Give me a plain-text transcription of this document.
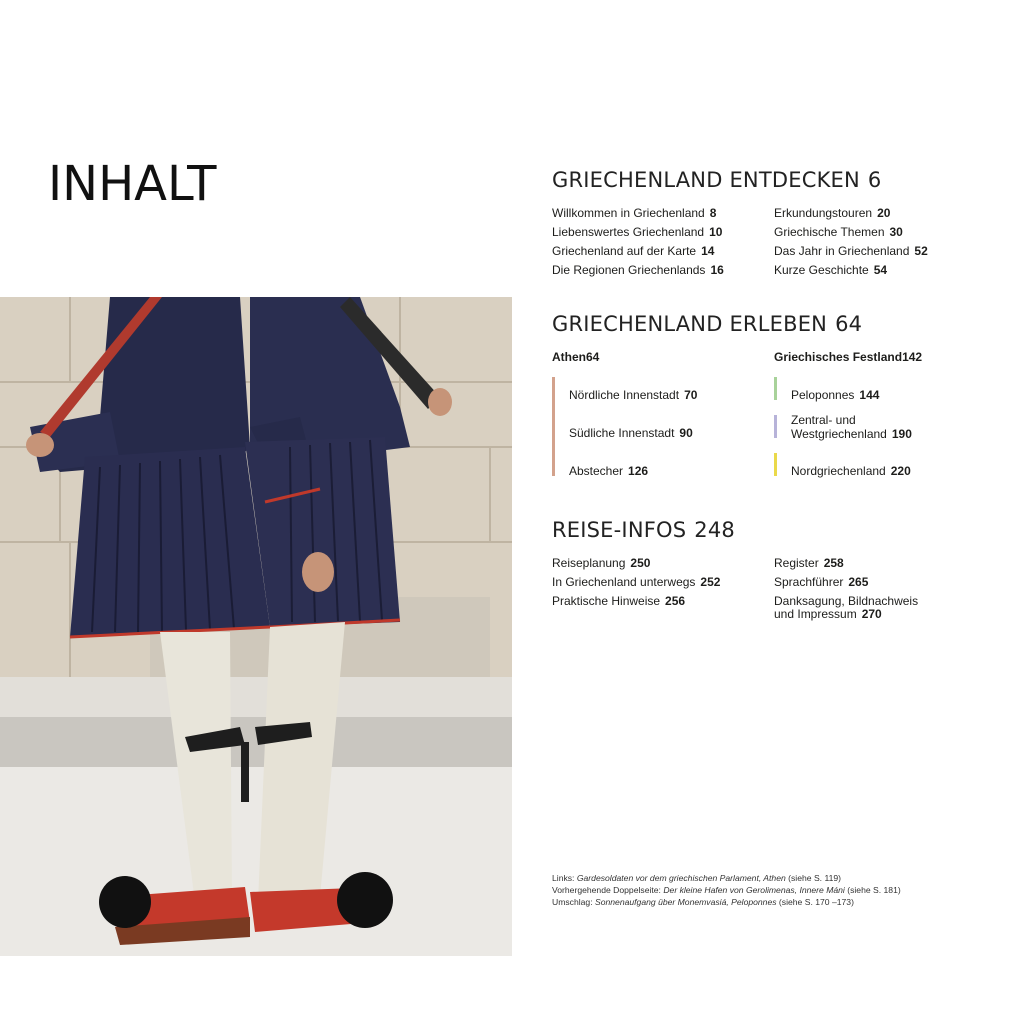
INHALT	GRIECHENLAND ENTDECKEN 6
Willkommen in Griechenland 8
Liebenswertes Griechenland 10
Griechenland auf der Karte 14
Die Regionen Griechenlands 16
Erkundungstouren 20
Griechische Themen 30
Das Jahr in Griechenland 52
Kurze Geschichte 54
GRIECHENLAND ERLEBEN 64
Athen64	Griechisches Festland142
Nördliche Innenstadt 70
Südliche Innenstadt 90
Abstecher 126
Peloponnes 144
Zentral- und
Westgriechenland 190
Nordgriechenland 220
REISE-INFOS 248
Reiseplanung 250
In Griechenland unterwegs 252
Praktische Hinweise 256
Register 258
Sprachführer 265
Danksagung, Bildnachweis
und Impressum 270
Links: Gardesoldaten vor dem griechischen Parlament, Athen (siehe S. 119)
Vorhergehende Doppelseite: Der kleine Hafen von Gerolimenas, Innere Máni (siehe S. 181)
Umschlag: Sonnenaufgang über Monemvasiá, Peloponnes (siehe S. 170 –173)
